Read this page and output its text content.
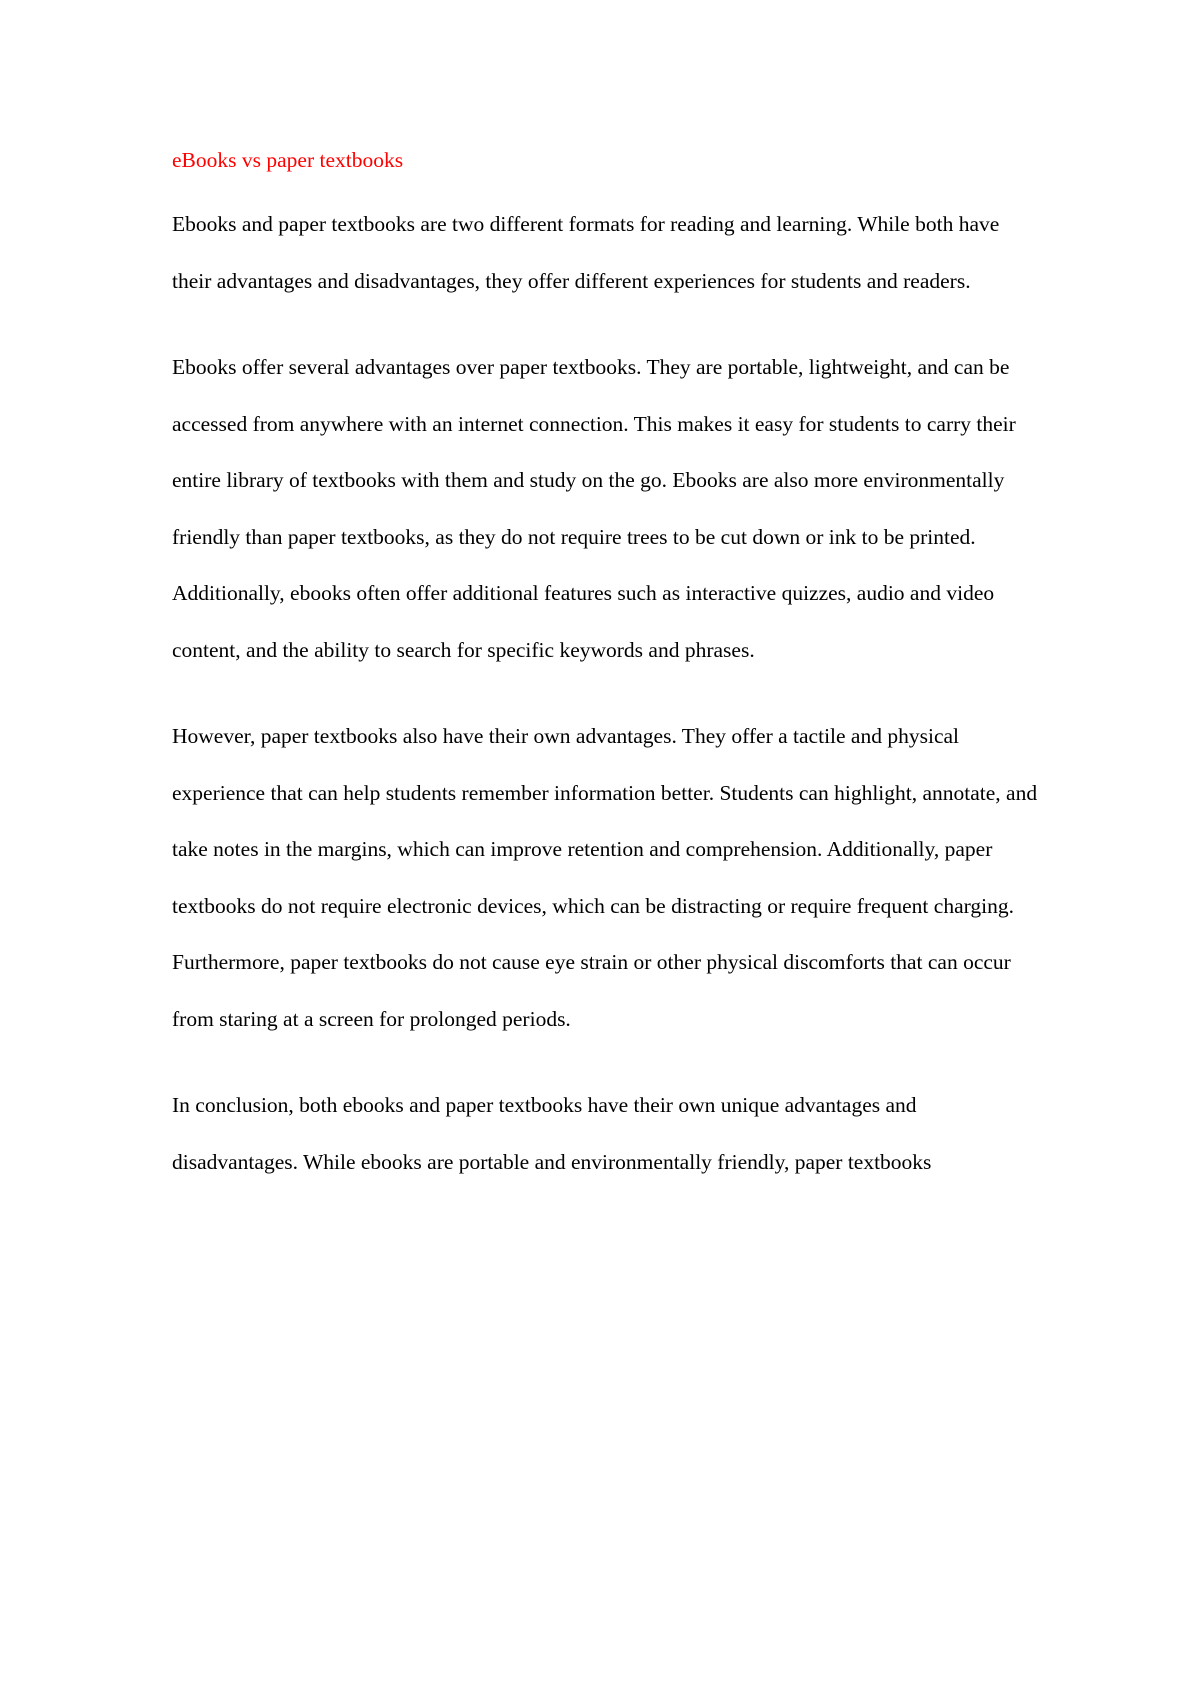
eBooks vs paper textbooks

Ebooks and paper textbooks are two different formats for reading and learning. While both have their advantages and disadvantages, they offer different experiences for students and readers.

Ebooks offer several advantages over paper textbooks. They are portable, lightweight, and can be accessed from anywhere with an internet connection. This makes it easy for students to carry their entire library of textbooks with them and study on the go. Ebooks are also more environmentally friendly than paper textbooks, as they do not require trees to be cut down or ink to be printed. Additionally, ebooks often offer additional features such as interactive quizzes, audio and video content, and the ability to search for specific keywords and phrases.

However, paper textbooks also have their own advantages. They offer a tactile and physical experience that can help students remember information better. Students can highlight, annotate, and take notes in the margins, which can improve retention and comprehension. Additionally, paper textbooks do not require electronic devices, which can be distracting or require frequent charging. Furthermore, paper textbooks do not cause eye strain or other physical discomforts that can occur from staring at a screen for prolonged periods.

In conclusion, both ebooks and paper textbooks have their own unique advantages and disadvantages. While ebooks are portable and environmentally friendly, paper textbooks
